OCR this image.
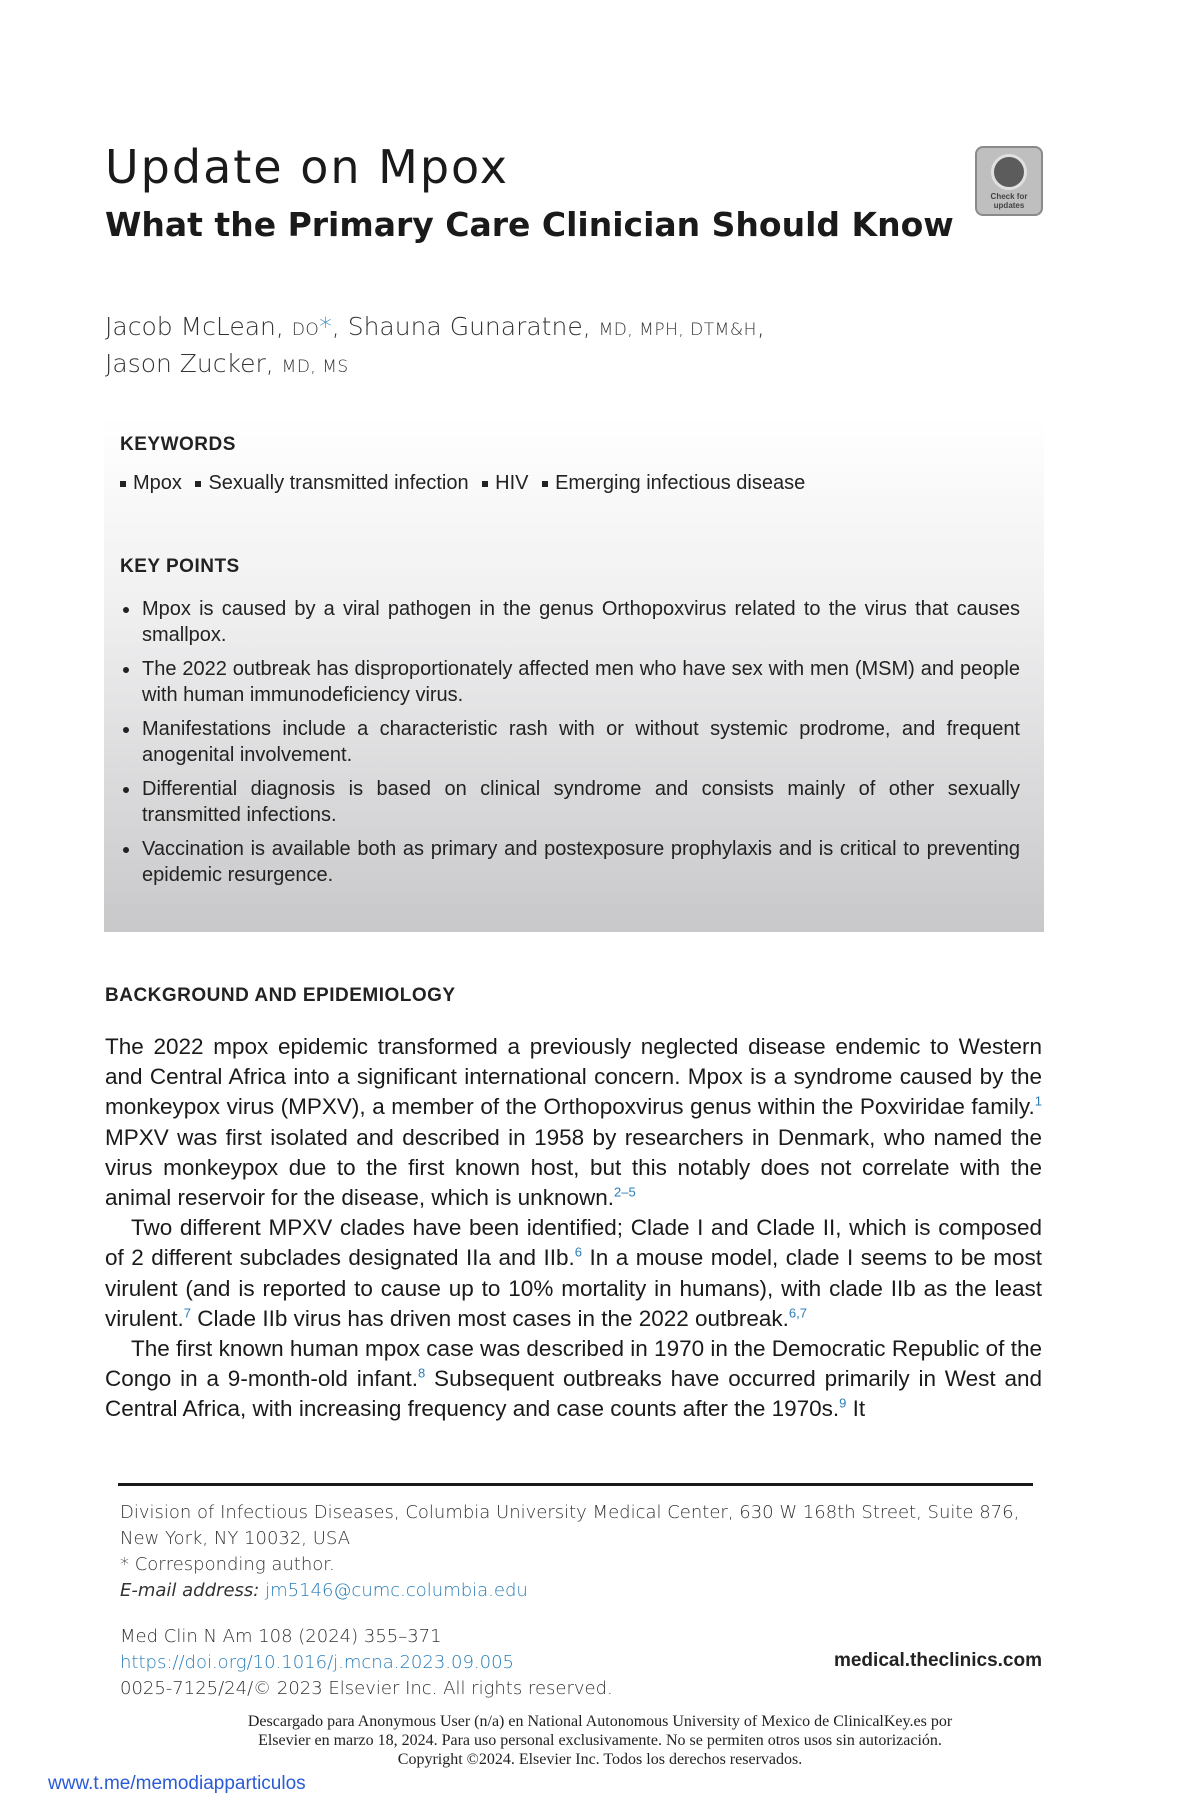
Update on Mpox
What the Primary Care Clinician Should Know
Check for updates
Jacob McLean, DO*, Shauna Gunaratne, MD, MPH, DTM&H,
Jason Zucker, MD, MS
KEYWORDS
Mpox Sexually transmitted infection HIV Emerging infectious disease
KEY POINTS
Mpox is caused by a viral pathogen in the genus Orthopoxvirus related to the virus that causes smallpox.
The 2022 outbreak has disproportionately affected men who have sex with men (MSM) and people with human immunodeficiency virus.
Manifestations include a characteristic rash with or without systemic prodrome, and frequent anogenital involvement.
Differential diagnosis is based on clinical syndrome and consists mainly of other sexually transmitted infections.
Vaccination is available both as primary and postexposure prophylaxis and is critical to preventing epidemic resurgence.
BACKGROUND AND EPIDEMIOLOGY

The 2022 mpox epidemic transformed a previously neglected disease endemic to Western and Central Africa into a significant international concern. Mpox is a syndrome caused by the monkeypox virus (MPXV), a member of the Orthopoxvirus genus within the Poxviridae family.$^1$ MPXV was first isolated and described in 1958 by researchers in Denmark, who named the virus monkeypox due to the first known host, but this notably does not correlate with the animal reservoir for the disease, which is unknown.$^{2-5}$

Two different MPXV clades have been identified; Clade I and Clade II, which is composed of 2 different subclades designated IIa and IIb.$^6$ In a mouse model, clade I seems to be most virulent (and is reported to cause up to 10% mortality in humans), with clade IIb as the least virulent.$^7$ Clade IIb virus has driven most cases in the 2022 outbreak.$^{6,7}$

The first known human mpox case was described in 1970 in the Democratic Republic of the Congo in a 9-month-old infant.$^8$ Subsequent outbreaks have occurred primarily in West and Central Africa, with increasing frequency and case counts after the 1970s.$^9$ It

Division of Infectious Diseases, Columbia University Medical Center, 630 W 168th Street, Suite 876, New York, NY 10032, USA
* Corresponding author.
E-mail address: jm5146@cumc.columbia.edu
Med Clin N Am 108 (2024) 355–371
https://doi.org/10.1016/j.mcna.2023.09.005
0025-7125/24/© 2023 Elsevier Inc. All rights reserved.
medical.theclinics.com
Descargado para Anonymous User (n/a) en National Autonomous University of Mexico de ClinicalKey.es por Elsevier en marzo 18, 2024. Para uso personal exclusivamente. No se permiten otros usos sin autorización. Copyright ©2024. Elsevier Inc. Todos los derechos reservados.
www.t.me/memodiapparticulos
